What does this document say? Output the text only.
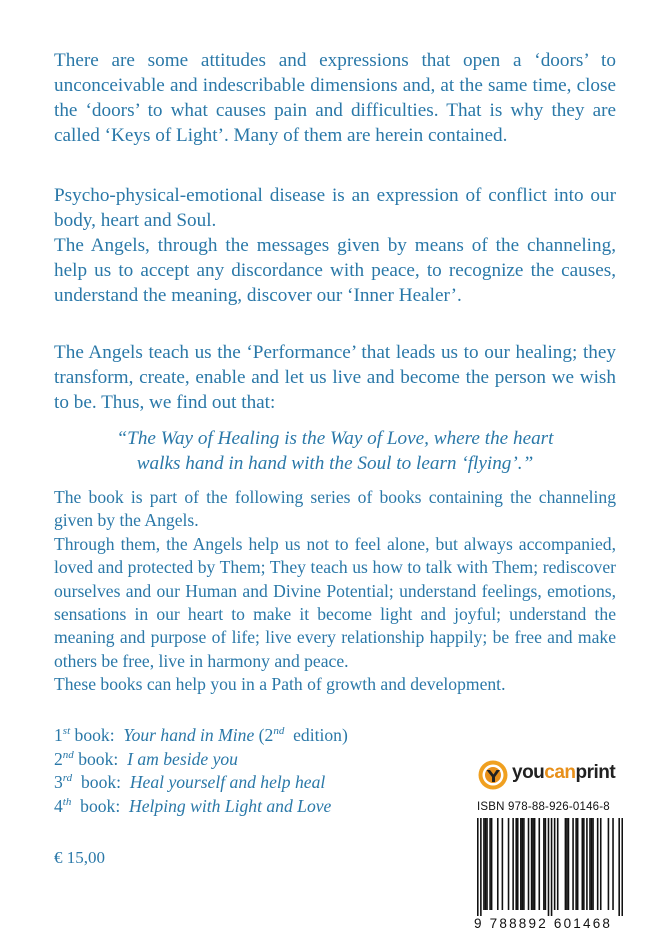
There are some attitudes and expressions that open a ‘doors’ to unconceivable and indescribable dimensions and, at the same time, close the ‘doors’ to what causes pain and difficulties. That is why they are called ‘Keys of Light’. Many of them are herein contained.

Psycho-physical-emotional disease is an expression of conflict into our body, heart and Soul.

The Angels, through the messages given by means of the channeling, help us to accept any discordance with peace, to recognize the causes, understand the meaning, discover our ‘Inner Healer’.

The Angels teach us the ‘Performance’ that leads us to our healing; they transform, create, enable and let us live and become the person we wish to be. Thus, we find out that:

“The Way of Healing is the Way of Love, where the heart
walks hand in hand with the Soul to learn ‘flying’.”

The book is part of the following series of books containing the channeling given by the Angels.

Through them, the Angels help us not to feel alone, but always accompanied, loved and protected by Them; They teach us how to talk with Them; rediscover ourselves and our Human and Divine Potential; understand feelings, emotions, sensations in our heart to make it become light and joyful; understand the meaning and purpose of life; live every relationship happily; be free and make others be free, live in harmony and peace.

These books can help you in a Path of growth and development.

1st book:  Your hand in Mine (2nd  edition)
2nd book:  I am beside you
3rd  book:  Heal yourself and help heal
4th  book:  Helping with Light and Love
€ 15,00
youcanprint
ISBN 978-88-926-0146-8
9 788892 601468
